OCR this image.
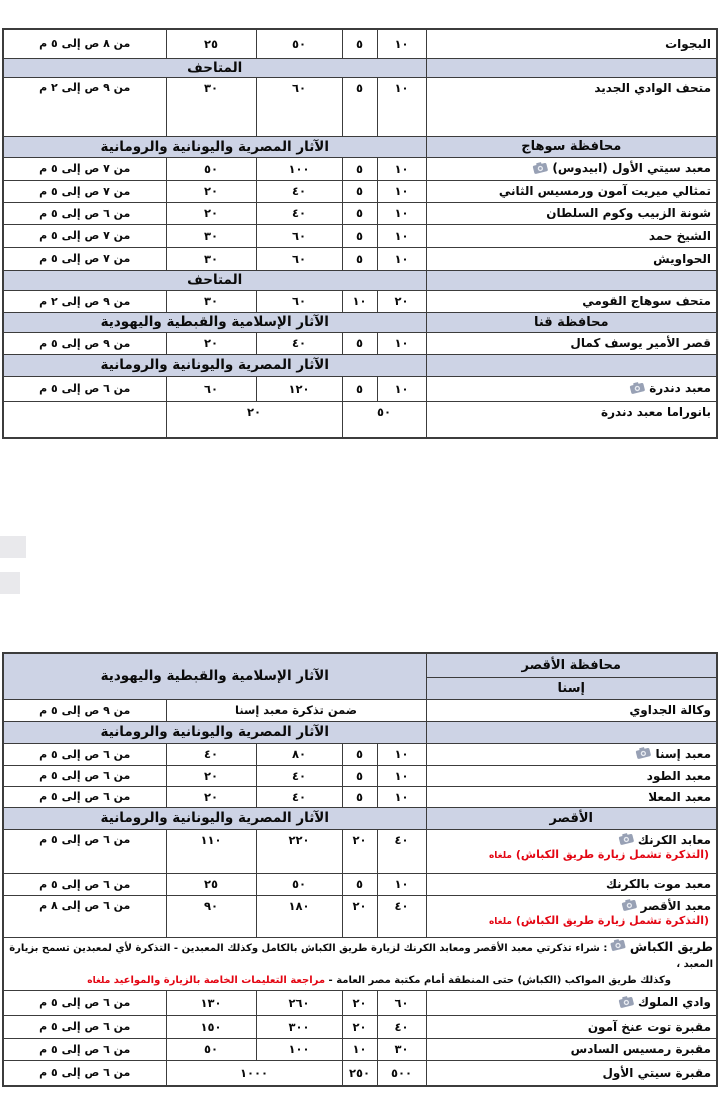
البجوات	١٠	٥	٥٠	٢٥	من ٨ ص إلى ٥ م
	المتاحف				
متحف الوادي الجديد	١٠	٥	٦٠	٣٠	من ٩ ص إلى ٢ م
محافظة سوهاج	الآثار المصرية واليونانية والرومانية				
معبد سيتي الأول (ابيدوس)	١٠	٥	١٠٠	٥٠	من ٧ ص إلى ٥ م
تمثالي ميريت آمون ورمسيس الثاني	١٠	٥	٤٠	٢٠	من ٧ ص إلى ٥ م
شونة الزبيب وكوم السلطان	١٠	٥	٤٠	٢٠	من ٦ ص إلى ٥ م
الشيخ حمد	١٠	٥	٦٠	٣٠	من ٧ ص إلى ٥ م
الحواويش	١٠	٥	٦٠	٣٠	من ٧ ص إلى ٥ م
	المتاحف				
متحف سوهاج القومي	٢٠	١٠	٦٠	٣٠	من ٩ ص إلى ٢ م
محافظة قنا	الآثار الإسلامية والقبطية واليهودية				
قصر الأمير يوسف كمال	١٠	٥	٤٠	٢٠	من ٩ ص إلى ٥ م
	الآثار المصرية واليونانية والرومانية				
معبد دندرة	١٠	٥	١٢٠	٦٠	من ٦ ص إلى ٥ م
بانوراما معبد دندرة	٥٠		٢٠		
محافظة الأقصر	الآثار الإسلامية والقبطية واليهودية				
إسنا					
وكالة الجداوي	ضمن تذكرة معبد إسنا				من ٩ ص إلى ٥ م
	الآثار المصرية واليونانية والرومانية				
معبد إسنا	١٠	٥	٨٠	٤٠	من ٦ ص إلى ٥ م
معبد الطود	١٠	٥	٤٠	٢٠	من ٦ ص إلى ٥ م
معبد المعلا	١٠	٥	٤٠	٢٠	من ٦ ص إلى ٥ م
الأقصر	الآثار المصرية واليونانية والرومانية				
معابد الكرنك
(التذكرة تشمل زيارة طريق الكباش) ملغاه	٤٠	٢٠	٢٢٠	١١٠	من ٦ ص إلى ٥ م
معبد موت بالكرنك	١٠	٥	٥٠	٢٥	من ٦ ص إلى ٥ م
معبد الأقصر
(التذكرة تشمل زيارة طريق الكباش) ملغاه	٤٠	٢٠	١٨٠	٩٠	من ٦ ص إلى ٨ م

طريق الكباش : شراء تذكرتي معبد الأقصر ومعابد الكرنك لزيارة طريق الكباش بالكامل وكذلك المعبدين - التذكرة لأي لمعبدين تسمح بزيارة المعبد ،
وكذلك طريق المواكب (الكباش) حتى المنطقة أمام مكتبة مصر العامة - مراجعة التعليمات الخاصة بالزيارة والمواعيد ملغاه					

وادي الملوك	٦٠	٢٠	٢٦٠	١٣٠	من ٦ ص إلى ٥ م
مقبرة توت عنخ آمون	٤٠	٢٠	٣٠٠	١٥٠	من ٦ ص إلى ٥ م
مقبرة رمسيس السادس	٣٠	١٠	١٠٠	٥٠	من ٦ ص إلى ٥ م
مقبرة سيتي الأول	٥٠٠	٢٥٠	١٠٠٠		من ٦ ص إلى ٥ م
